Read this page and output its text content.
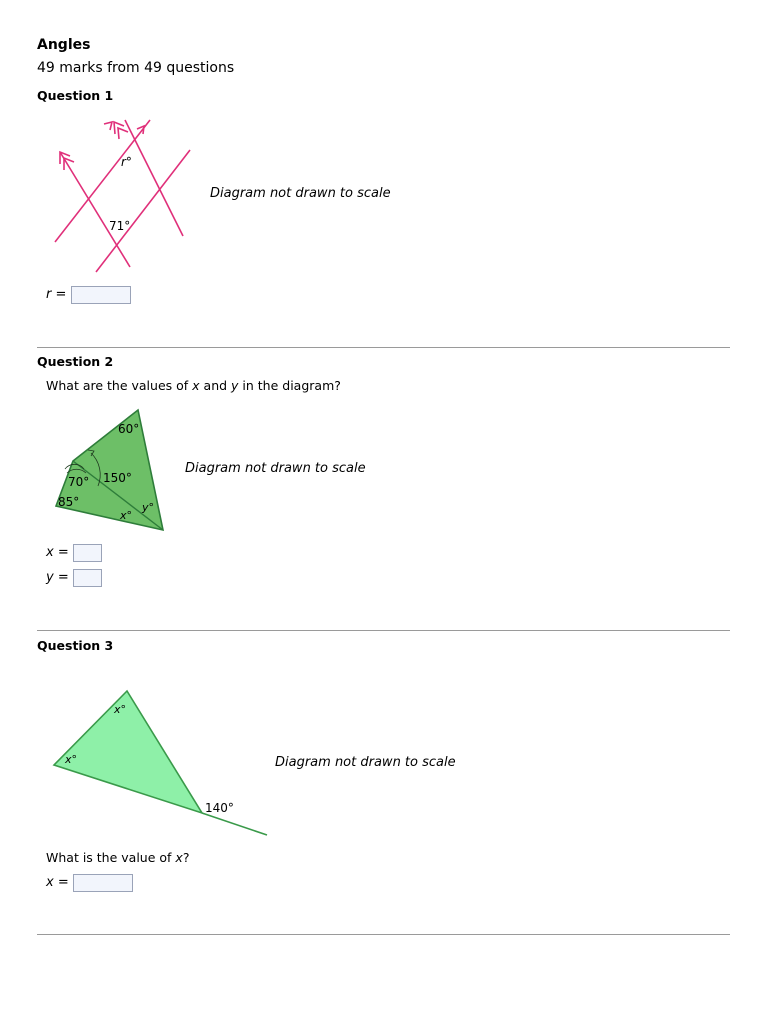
Angles
49 marks from 49 questions
Question 1
r°
71°
Diagram not drawn to scale
r =
Question 2
What are the values of x and y in the diagram?
60°
150°
70°
85°
x°
y°
Diagram not drawn to scale
x =
y =
Question 3
x°
x°
140°
Diagram not drawn to scale
What is the value of x?
x =
